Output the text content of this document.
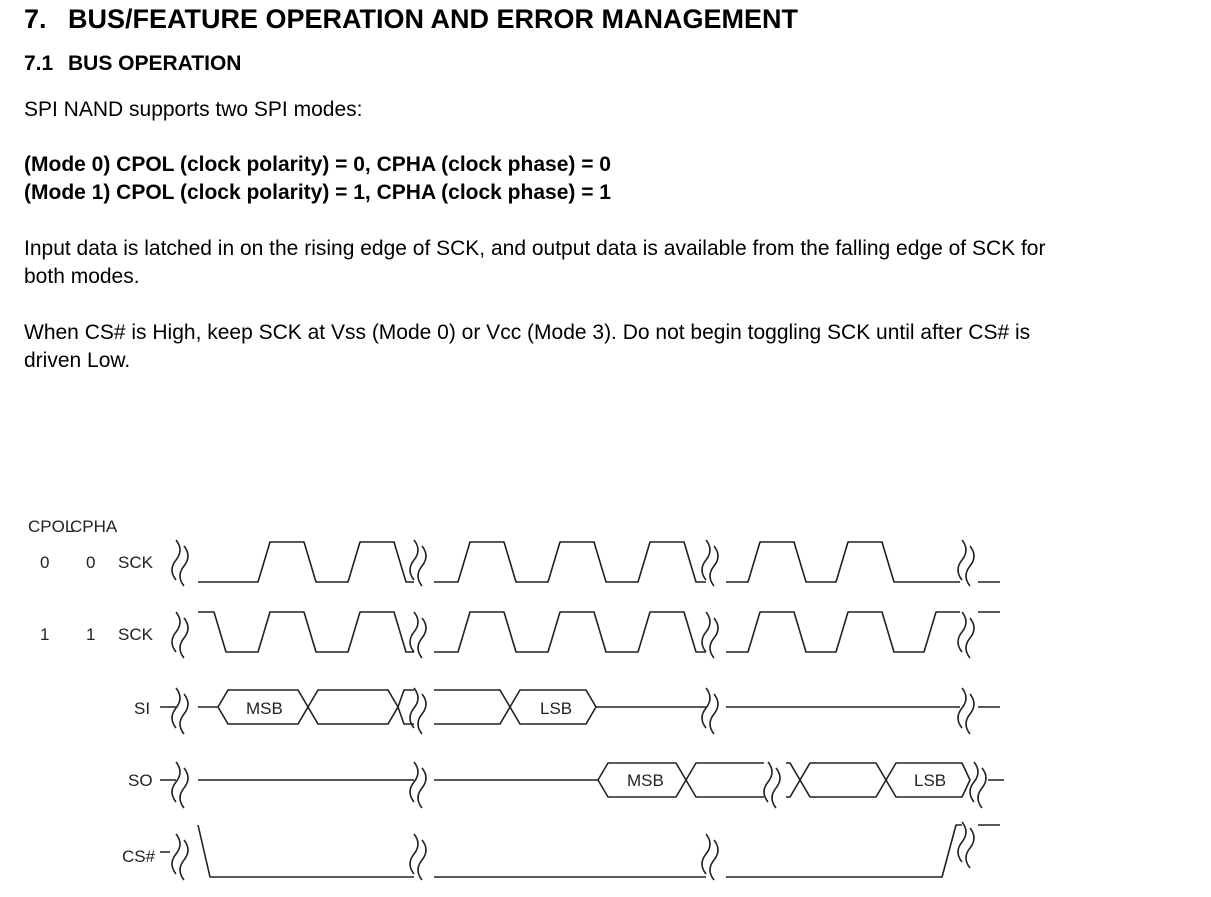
7. BUS/FEATURE OPERATION AND ERROR MANAGEMENT
7.1 BUS OPERATION

SPI NAND supports two SPI modes:

(Mode 0) CPOL (clock polarity) = 0, CPHA (clock phase) = 0

(Mode 1) CPOL (clock polarity) = 1, CPHA (clock phase) = 1

Input data is latched in on the rising edge of SCK, and output data is available from the falling edge of SCK for

both modes.

When CS# is High, keep SCK at Vss (Mode 0) or Vcc (Mode 3). Do not begin toggling SCK until after CS# is

driven Low.

CPOL
CPHA
0 0 SCK
1 1 SCK
SI
SO
CS#
MSB	LSB
MSB	LSB
